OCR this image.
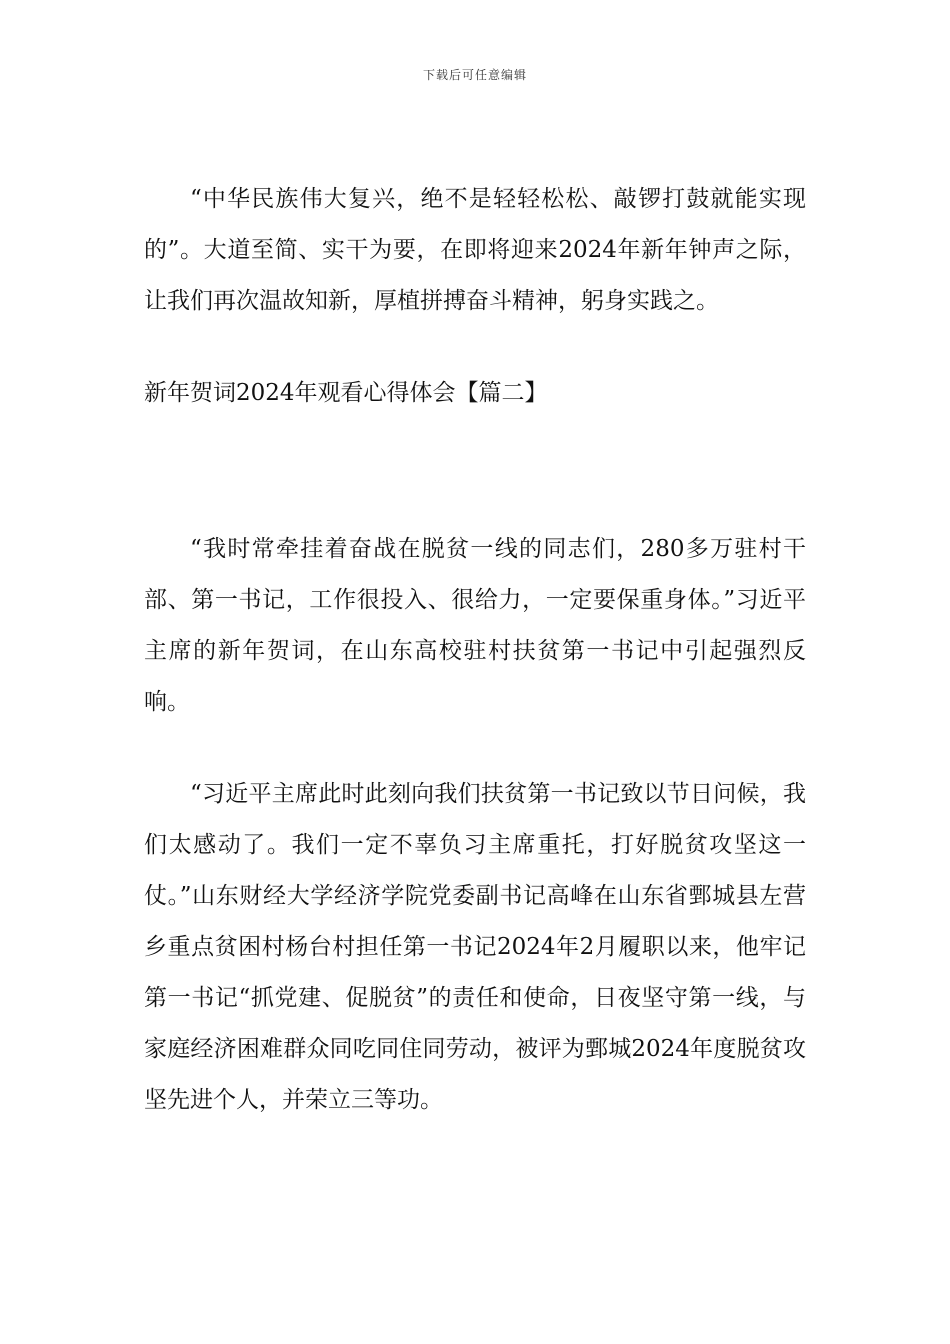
下载后可任意编辑

“中华民族伟大复兴，绝不是轻轻松松、敲锣打鼓就能实现的”。大道至简、实干为要，在即将迎来2024年新年钟声之际，让我们再次温故知新，厚植拼搏奋斗精神，躬身实践之。

新年贺词2024年观看心得体会【篇二】

“我时常牵挂着奋战在脱贫一线的同志们，280多万驻村干部、第一书记，工作很投入、很给力，一定要保重身体。”习近平主席的新年贺词，在山东高校驻村扶贫第一书记中引起强烈反响。

“习近平主席此时此刻向我们扶贫第一书记致以节日问候，我们太感动了。我们一定不辜负习主席重托，打好脱贫攻坚这一仗。”山东财经大学经济学院党委副书记高峰在山东省鄄城县左营乡重点贫困村杨台村担任第一书记2024年2月履职以来，他牢记第一书记“抓党建、促脱贫”的责任和使命，日夜坚守第一线，与家庭经济困难群众同吃同住同劳动，被评为鄄城2024年度脱贫攻坚先进个人，并荣立三等功。
